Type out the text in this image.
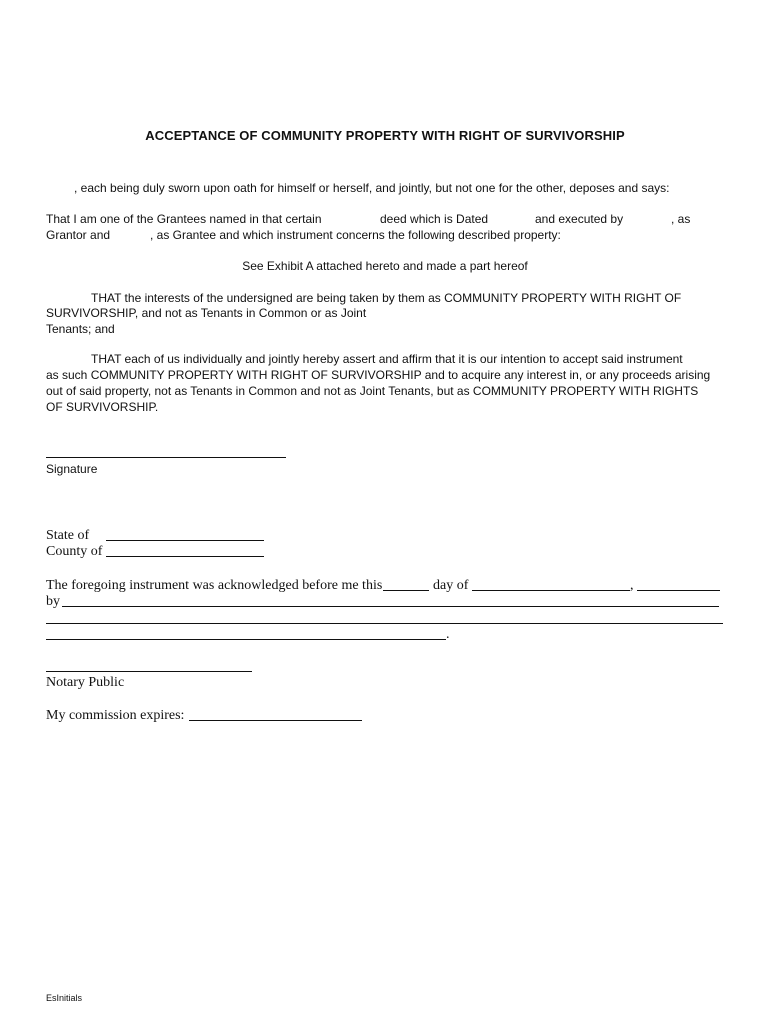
ACCEPTANCE OF COMMUNITY PROPERTY WITH RIGHT OF SURVIVORSHIP
, each being duly sworn upon oath for himself or herself, and jointly, but not one for the other, deposes and says:
That I am one of the Grantees named in that certain	deed which is Dated	and executed by	, as
Grantor and	, as Grantee and which instrument concerns the following described property:
See Exhibit A attached hereto and made a part hereof
THAT the interests of the undersigned are being taken by them as COMMUNITY PROPERTY WITH RIGHT OF
SURVIVORSHIP, and not as Tenants in Common or as Joint
Tenants; and
THAT each of us individually and jointly hereby assert and affirm that it is our intention to accept said instrument
as such COMMUNITY PROPERTY WITH RIGHT OF SURVIVORSHIP and to acquire any interest in, or any proceeds arising
out of said property, not as Tenants in Common and not as Joint Tenants, but as COMMUNITY PROPERTY WITH RIGHTS
OF SURVIVORSHIP.
Signature
State of
County of
The foregoing instrument was acknowledged before me this	day of	,
by
.
Notary Public
My commission expires:
EsInitials
